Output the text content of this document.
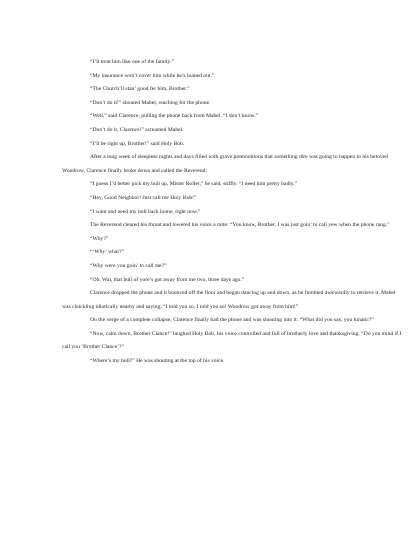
“I’ll treat him like one of the family.”

“My insurance won’t cover him while he’s loaned out.”

“The Church’ll stan’ good fer him, Brother.”

“Don’t do it!” shouted Mabel, reaching for the phone.

“Well,” said Clarence, pulling the phone back from Mabel. “I don’t know.”

“Don’t do it, Clarence!” screamed Mabel.

“I’ll be right up, Brother!” said Holy Bob.

After a long week of sleepless nights and days filled with grave premonitions that something dire was going to happen to his beloved Woodrow, Clarence finally broke down and called the Reverend:

“I guess I’d better pick my bull up, Mister Roller,” he said, stiffly. “I need him pretty badly.”

“Hey, Good Neighbor! Just call me Holy Bob!”

“I want and need my bull back home, right now.”

The Reverend cleared his throat and lowered his voice a mite: “You know, Brother, I was just goin’ to call yew when the phone rang.”

“Why?”

“‘Why’ what?”

“Why were you goin’ to call me?”

“Oh. Wal, that bull of yore’s got away from me two, three days ago.”

Clarence dropped the phone and it bounced off the floor and began dancing up and down, as he fumbled awkwardly to retrieve it. Mabel was chuckling idiotically nearby and saying, “I told you so, I told you so! Woodrow got away from him!”

On the verge of a complete collapse, Clarence finally had the phone and was shouting into it: “What did you say, you lunatic?”

“Now, calm down, Brother Clance!” laughed Holy Bob, his voice controlled and full of brotherly love and thanksgiving. “Do you mind if I call you ‘Brother Clance’?”

“Where’s my bull?” He was shouting at the top of his voice.
